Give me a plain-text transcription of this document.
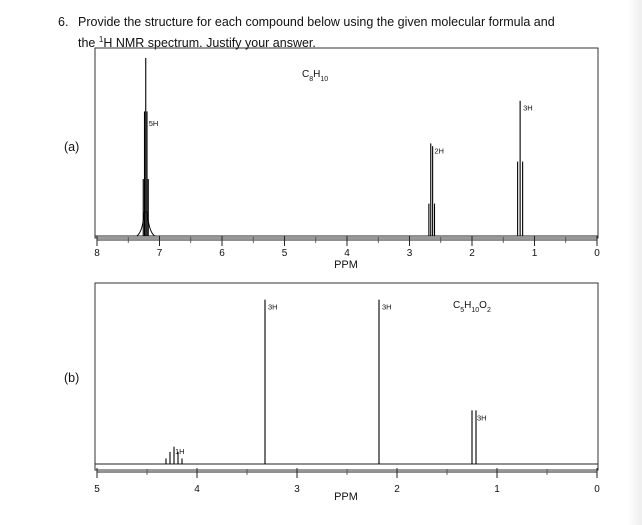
6. Provide the structure for each compound below using the given molecular formula and
the $^1$H NMR spectrum. Justify your answer.
(a)
(b)
8	7	6	5	4	3	2	1	0
PPM
$C_8H_{10}$
5H
2H
3H
5	4	3	2	1	0
PPM
$C_5H_{10}O_2$
1H
3H	3H
3H
